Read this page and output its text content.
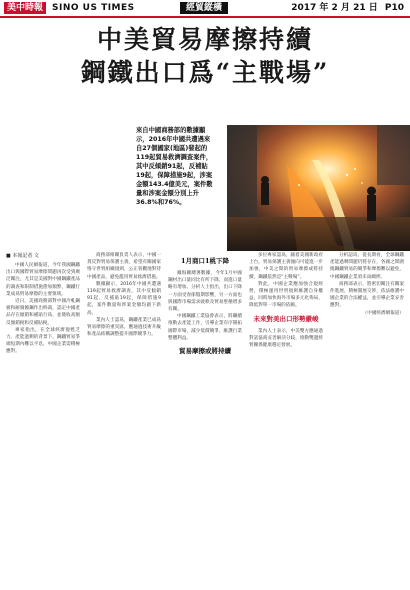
美中時報 SINO US TIMES	經貿縱橫	2017 年 2 月 21 日 P10
中美貿易摩擦持續
鋼鐵出口爲“主戰場”
來自中國商務部的數據顯示，2016年中國共遭遇來自27個國家(地區)發起的119起貿易救濟調查案件，其中反傾銷91起，反補貼19起，保障措施9起，涉案金額143.4億美元，案件數量和涉案金額分別上升36.8%和76%。
■ 本報記者 文

中國人民網報道，今年我國鋼鐵出口與國際貿易摩擦問題再次受到廣泛關注，尤其是美國對中國鋼鐵產品的調查和限制措施愈加頻繁，鋼鐵行業成爲貿易摩擦的主要領域。

近日，美國商務部對中國冷軋鋼板和耐腐蝕鋼作出終裁，認定中國產品存在傾銷和補貼行爲，並徵收高額反傾銷稅和反補貼稅。

專家指出，在全球經濟復甦乏力、產能過剩的背景下，鋼鐵貿易爭端短期內難以平息，中國企業需積極應對。

商務部相關負責人表示，中國一貫反對貿易保護主義，希望有關國家恪守世貿組織規則，公正客觀地對待中國產品，避免濫用貿易救濟措施。

數據顯示，2016年中國共遭遇119起貿易救濟調查，其中反傾銷91起，反補貼19起，保障措施9起，案件數量和涉案金額均創下新高。

業內人士認爲，鋼鐵產業已成爲貿易摩擦的重災區，應通過技術升級和產品結構調整提升國際競爭力。

1月商口1桃下降

據海關總署數據，今年1月中國鋼材出口量同比有所下降，而進口量略有增加。分析人士指出，出口下降一方面受春節假期影響，另一方面也與國際市場需求疲軟及貿易壁壘增多有關。

中國鋼鐵工業協會表示，將繼續推動去產能工作，引導企業有序開拓國際市場，減少低價競爭，維護行業整體利益。

貿易摩擦或將持續

多位專家認爲，隨着美國新政府上台，貿易保護主義傾向可能進一步加強，中美之間的貿易摩擦或將持續，鋼鐵依然是“主戰場”。

對此，中國企業應加強合規經營，積極運用世貿規則維護自身權益，同時加快海外市場多元化佈局，降低對單一市場的依賴。

未來對美出口形勢嚴峻

業內人士表示，中美雙方應通過對話協商妥善解決分歧，推動雙邊經貿關係健康穩定發展。

分析認爲，從長期看，全球鋼鐵產能過剩問題仍將存在，各國之間圍繞鋼鐵貿易的競爭和摩擦難以避免，中國鋼鐵企業須未雨綢繆。

商務部表示，將密切關注有關案件進展，積極開展交涉，依法維護中國企業的合法權益，並引導企業妥善應對。

（中國經濟網報道）
